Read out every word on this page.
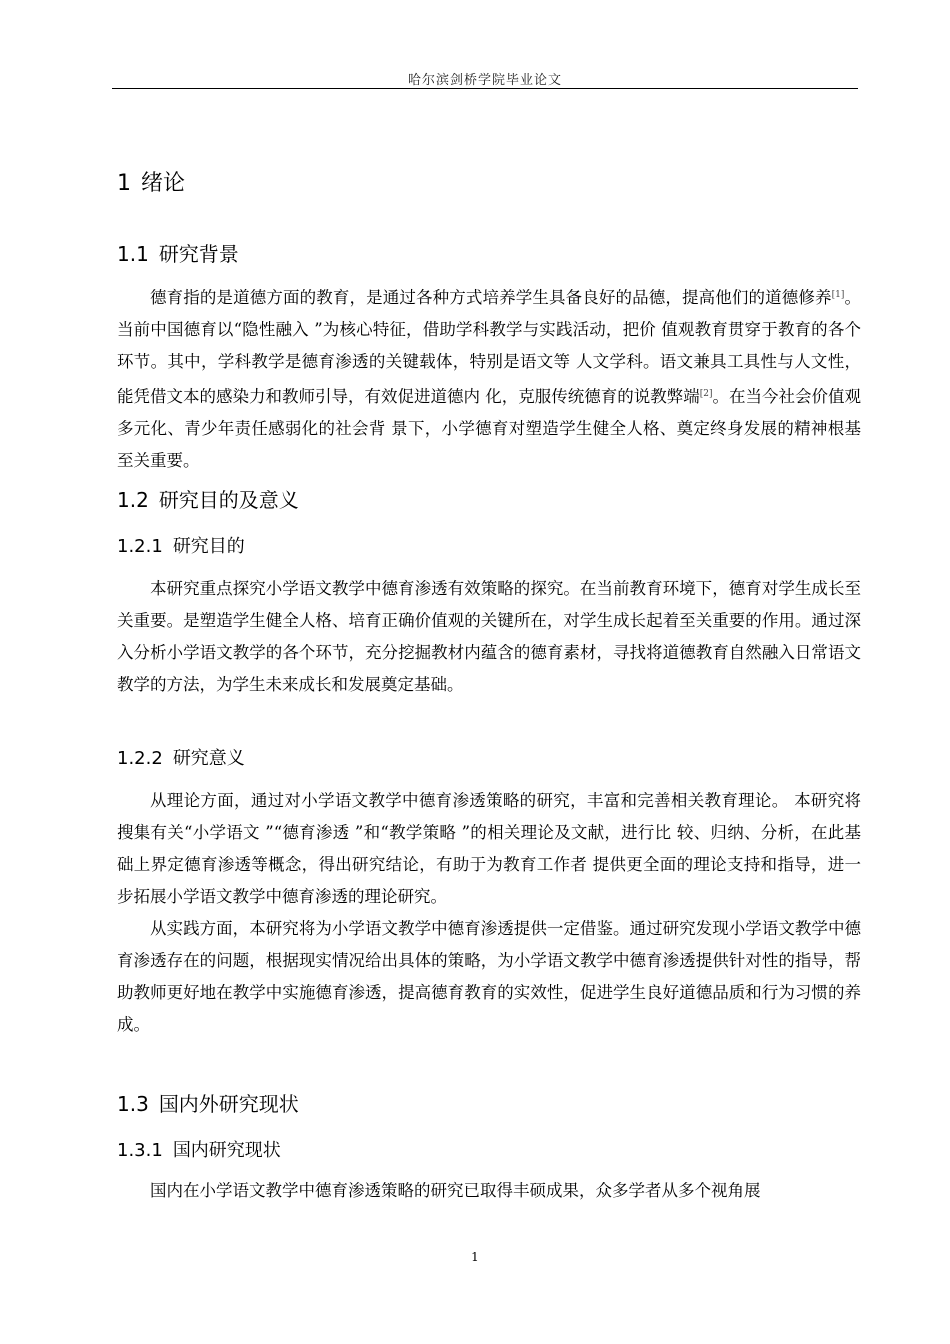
哈尔滨剑桥学院毕业论文
1 绪论
1.1 研究背景

德育指的是道德方面的教育，是通过各种方式培养学生具备良好的品德，提高他们的道德修养[1]。当前中国德育以“隐性融入 ”为核心特征，借助学科教学与实践活动，把价 值观教育贯穿于教育的各个环节。其中，学科教学是德育渗透的关键载体，特别是语文等 人文学科。语文兼具工具性与人文性，能凭借文本的感染力和教师引导，有效促进道德内 化，克服传统德育的说教弊端[2]。在当今社会价值观多元化、青少年责任感弱化的社会背 景下，小学德育对塑造学生健全人格、奠定终身发展的精神根基至关重要。

1.2 研究目的及意义
1.2.1 研究目的

本研究重点探究小学语文教学中德育渗透有效策略的探究。在当前教育环境下，德育对学生成长至关重要。是塑造学生健全人格、培育正确价值观的关键所在，对学生成长起着至关重要的作用。通过深入分析小学语文教学的各个环节，充分挖掘教材内蕴含的德育素材，寻找将道德教育自然融入日常语文教学的方法，为学生未来成长和发展奠定基础。

1.2.2 研究意义

从理论方面，通过对小学语文教学中德育渗透策略的研究，丰富和完善相关教育理论。 本研究将搜集有关“小学语文 ”“德育渗透 ”和“教学策略 ”的相关理论及文献，进行比 较、归纳、分析，在此基础上界定德育渗透等概念，得出研究结论，有助于为教育工作者 提供更全面的理论支持和指导，进一步拓展小学语文教学中德育渗透的理论研究。

从实践方面，本研究将为小学语文教学中德育渗透提供一定借鉴。通过研究发现小学语文教学中德育渗透存在的问题，根据现实情况给出具体的策略，为小学语文教学中德育渗透提供针对性的指导，帮助教师更好地在教学中实施德育渗透，提高德育教育的实效性，促进学生良好道德品质和行为习惯的养成。

1.3 国内外研究现状
1.3.1 国内研究现状

国内在小学语文教学中德育渗透策略的研究已取得丰硕成果，众多学者从多个视角展

1
